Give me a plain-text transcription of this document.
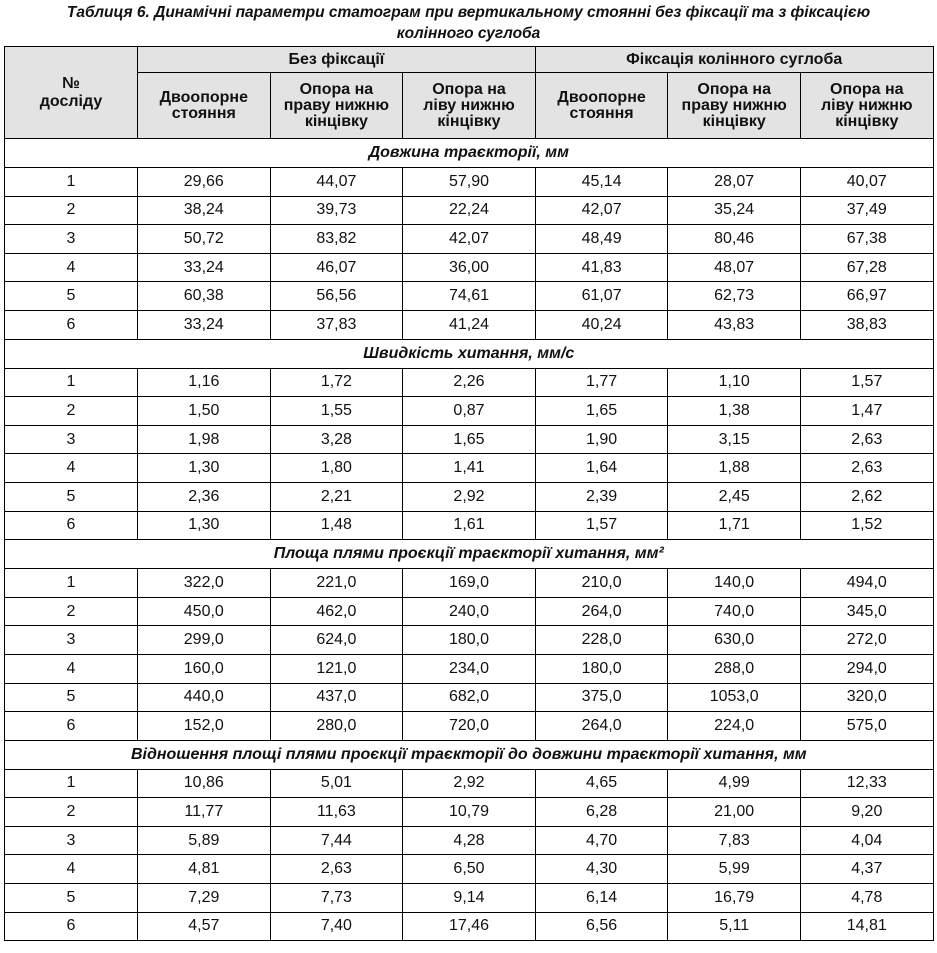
Таблиця 6. Динамічні параметри статограм при вертикальному стоянні без фіксації та з фіксацією
колінного суглоба
№ досліду	Без фіксації			Фіксація колінного суглоба		
	Двоопорне стояння	Опора на праву нижню кінцівку	Опора на ліву нижню кінцівку	Двоопорне стояння	Опора на праву нижню кінцівку	Опора на ліву нижню кінцівку
Довжина траєкторії, мм						
1	29,66	44,07	57,90	45,14	28,07	40,07
2	38,24	39,73	22,24	42,07	35,24	37,49
3	50,72	83,82	42,07	48,49	80,46	67,38
4	33,24	46,07	36,00	41,83	48,07	67,28
5	60,38	56,56	74,61	61,07	62,73	66,97
6	33,24	37,83	41,24	40,24	43,83	38,83
Швидкість хитання, мм/с						
1	1,16	1,72	2,26	1,77	1,10	1,57
2	1,50	1,55	0,87	1,65	1,38	1,47
3	1,98	3,28	1,65	1,90	3,15	2,63
4	1,30	1,80	1,41	1,64	1,88	2,63
5	2,36	2,21	2,92	2,39	2,45	2,62
6	1,30	1,48	1,61	1,57	1,71	1,52
Площа плями проєкції траєкторії хитання, мм²						
1	322,0	221,0	169,0	210,0	140,0	494,0
2	450,0	462,0	240,0	264,0	740,0	345,0
3	299,0	624,0	180,0	228,0	630,0	272,0
4	160,0	121,0	234,0	180,0	288,0	294,0
5	440,0	437,0	682,0	375,0	1053,0	320,0
6	152,0	280,0	720,0	264,0	224,0	575,0
Відношення площі плями проєкції траєкторії до довжини траєкторії хитання, мм						
1	10,86	5,01	2,92	4,65	4,99	12,33
2	11,77	11,63	10,79	6,28	21,00	9,20
3	5,89	7,44	4,28	4,70	7,83	4,04
4	4,81	2,63	6,50	4,30	5,99	4,37
5	7,29	7,73	9,14	6,14	16,79	4,78
6	4,57	7,40	17,46	6,56	5,11	14,81
